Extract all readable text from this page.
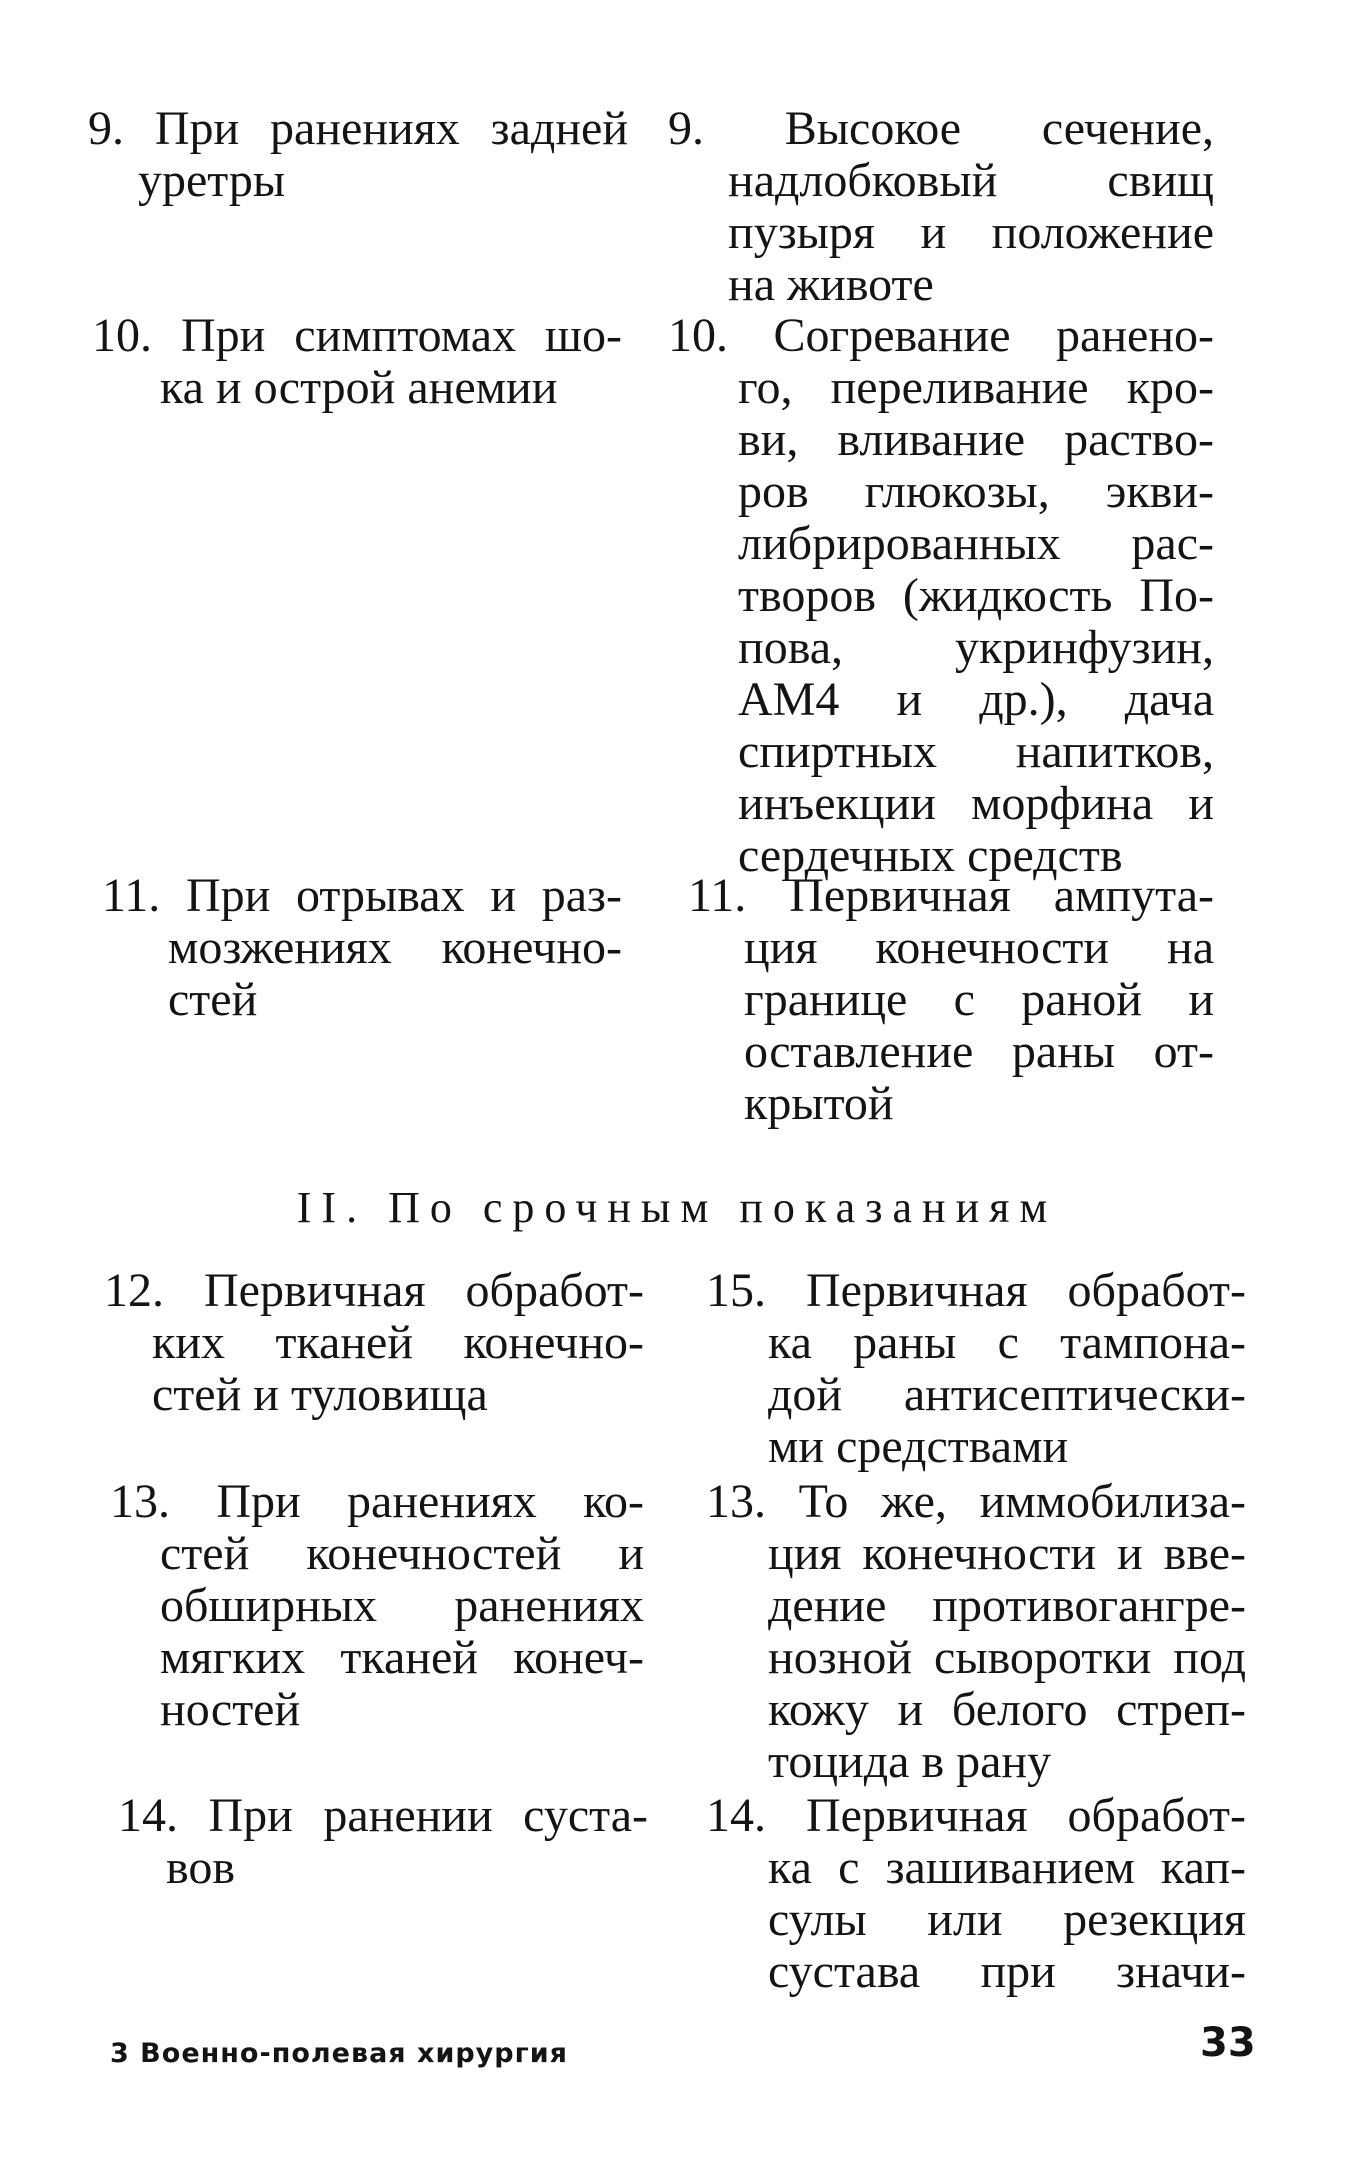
9. При ранениях задней
уретры
9. Высокое сечение,
надлобковый свищ
пузыря и положение
на животе
10. При симптомах шо-
ка и острой анемии
10. Согревание ранено-
го, переливание кро-
ви, вливание раство-
ров глюкозы, экви-
либрированных рас-
творов (жидкость По-
пова, укринфузин,
АМ4 и др.), дача
спиртных напитков,
инъекции морфина и
сердечных средств
11. При отрывах и раз-
мозжениях конечно-
стей
11. Первичная ампута-
ция конечности на
границе с раной и
оставление раны от-
крытой
II. По срочным показаниям
12. Первичная обработ-
ких тканей конечно-
стей и туловища
15. Первичная обработ-
ка раны с тампона-
дой антисептически-
ми средствами
13. При ранениях ко-
стей конечностей и
обширных ранениях
мягких тканей конеч-
ностей
13. То же, иммобилиза-
ция конечности и вве-
дение противогангре-
нозной сыворотки под
кожу и белого стреп-
тоцида в рану
14. При ранении суста-
вов
14. Первичная обработ-
ка с зашиванием кап-
сулы или резекция
сустава при значи-
3 Военно-полевая хирургия	33
